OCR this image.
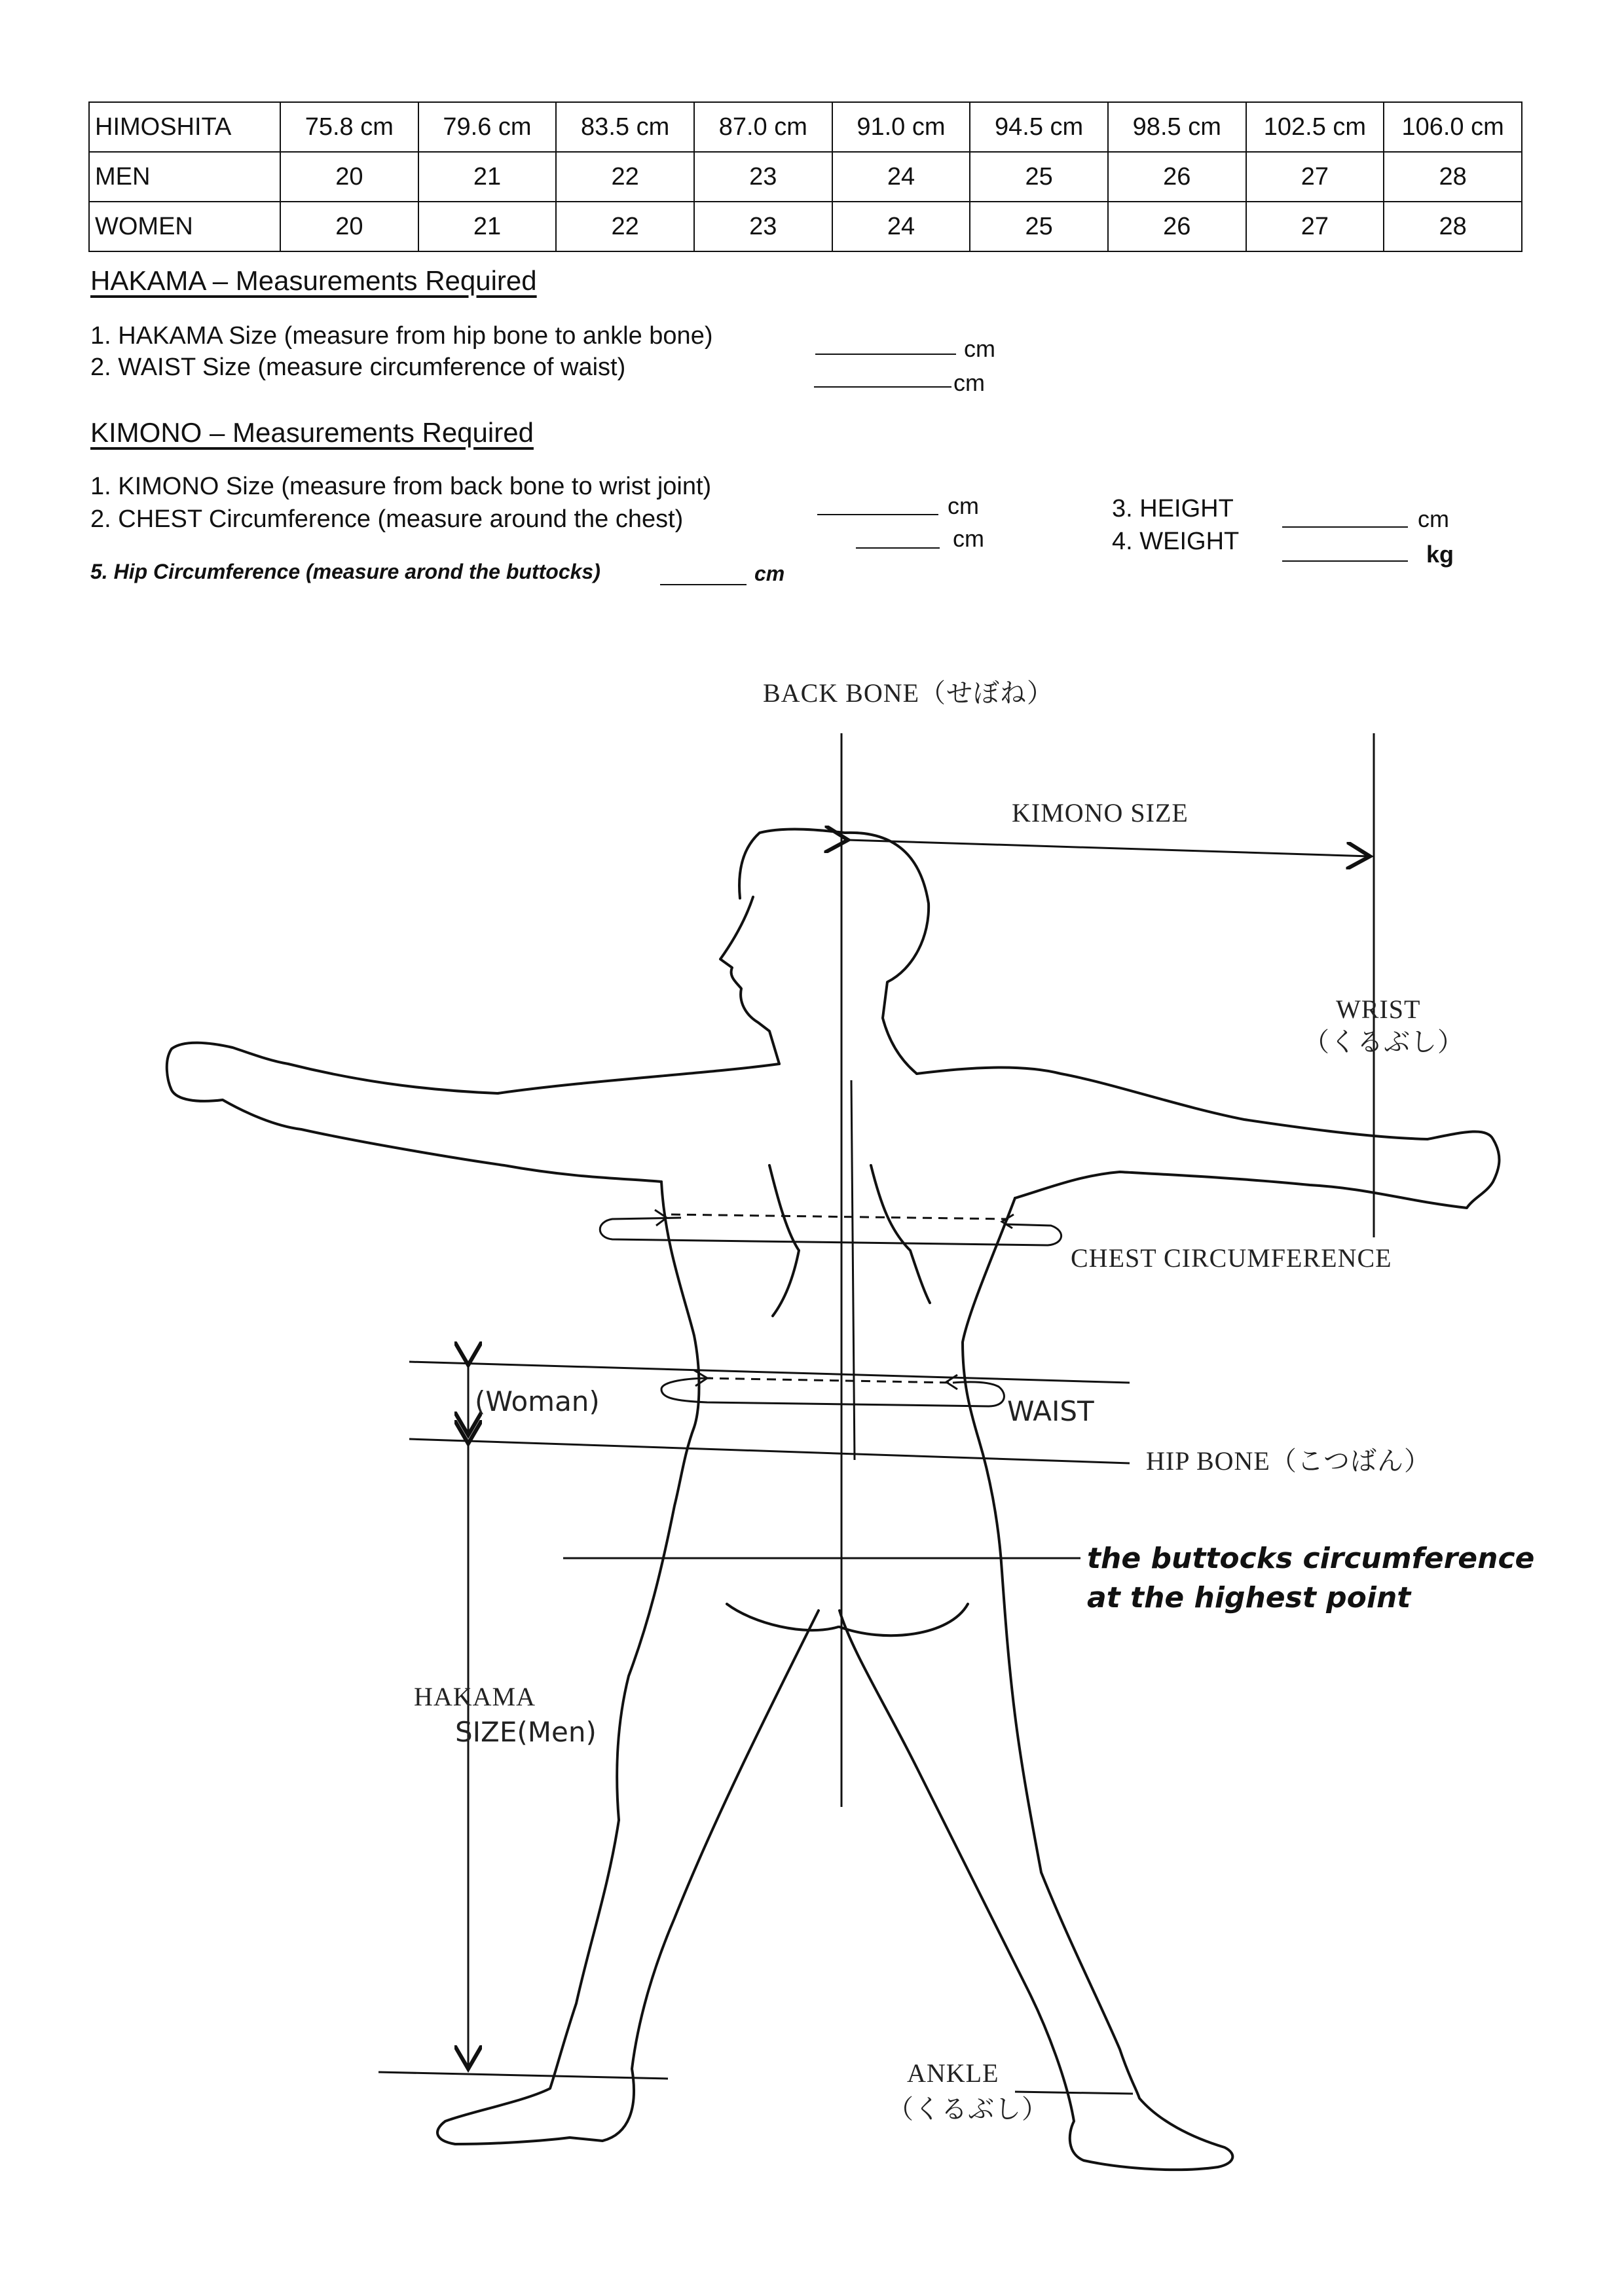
HIMOSHITA	75.8 cm	79.6 cm	83.5 cm	87.0 cm	91.0 cm	94.5 cm	98.5 cm	102.5 cm	106.0 cm
MEN	20	21	22	23	24	25	26	27	28
WOMEN	20	21	22	23	24	25	26	27	28
HAKAMA – Measurements Required
1. HAKAMA Size (measure from hip bone to ankle bone)	cm
2. WAIST Size (measure circumference of waist)
cm
KIMONO – Measurements Required
1. KIMONO Size (measure from back bone to wrist joint)
cm
2. CHEST Circumference (measure around the chest)
cm
3. HEIGHT	cm
4. WEIGHT	kg
5. Hip Circumference (measure arond the buttocks)	cm
BACK BONE（せぼね）
KIMONO SIZE
WRIST
（くるぶし）
CHEST CIRCUMFERENCE
(Woman)	WAIST
HIP BONE（こつばん）
the buttocks circumference
at the highest point
HAKAMA
SIZE(Men)
ANKLE
（くるぶし）
